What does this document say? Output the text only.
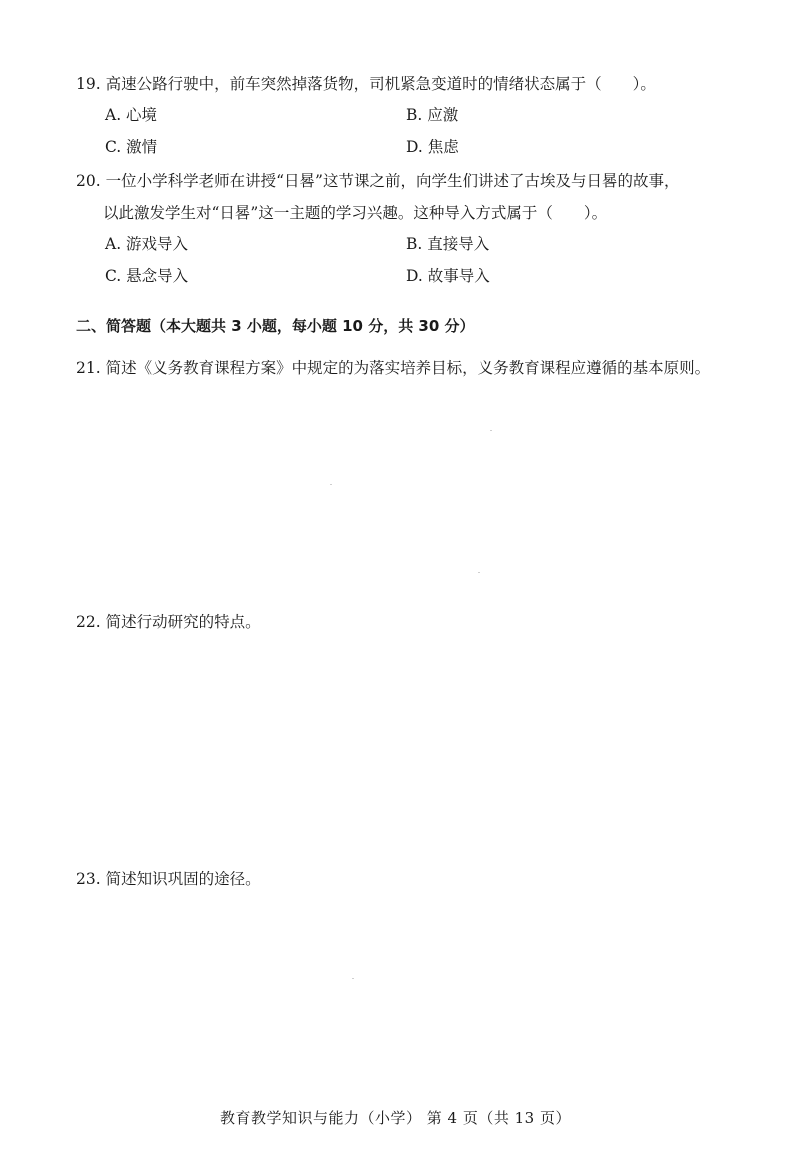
19. 高速公路行驶中，前车突然掉落货物，司机紧急变道时的情绪状态属于（　　）。
A. 心境	B. 应激
C. 激情	D. 焦虑
20. 一位小学科学老师在讲授“日晷”这节课之前，向学生们讲述了古埃及与日晷的故事，
以此激发学生对“日晷”这一主题的学习兴趣。这种导入方式属于（　　）。
A. 游戏导入	B. 直接导入
C. 悬念导入	D. 故事导入
二、简答题（本大题共 3 小题，每小题 10 分，共 30 分）
21. 简述《义务教育课程方案》中规定的为落实培养目标，义务教育课程应遵循的基本原则。
22. 简述行动研究的特点。
23. 简述知识巩固的途径。
教育教学知识与能力（小学） 第 4 页（共 13 页）
